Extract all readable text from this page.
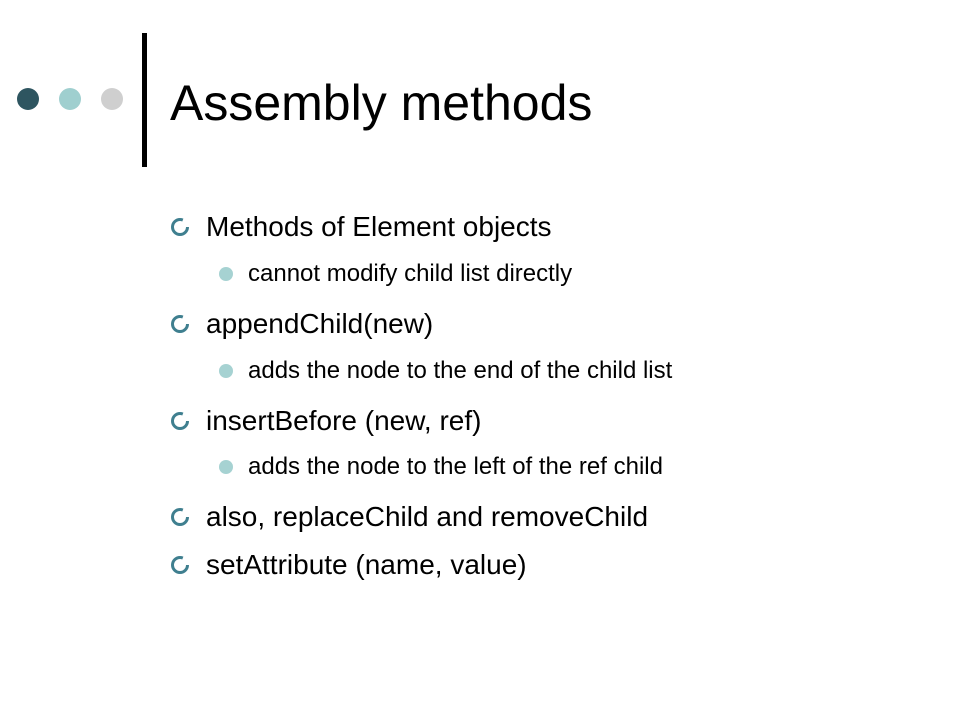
Assembly methods
Methods of Element objects
cannot modify child list directly
appendChild(new)
adds the node to the end of the child list
insertBefore (new, ref)
adds the node to the left of the ref child
also, replaceChild and removeChild
setAttribute (name, value)
